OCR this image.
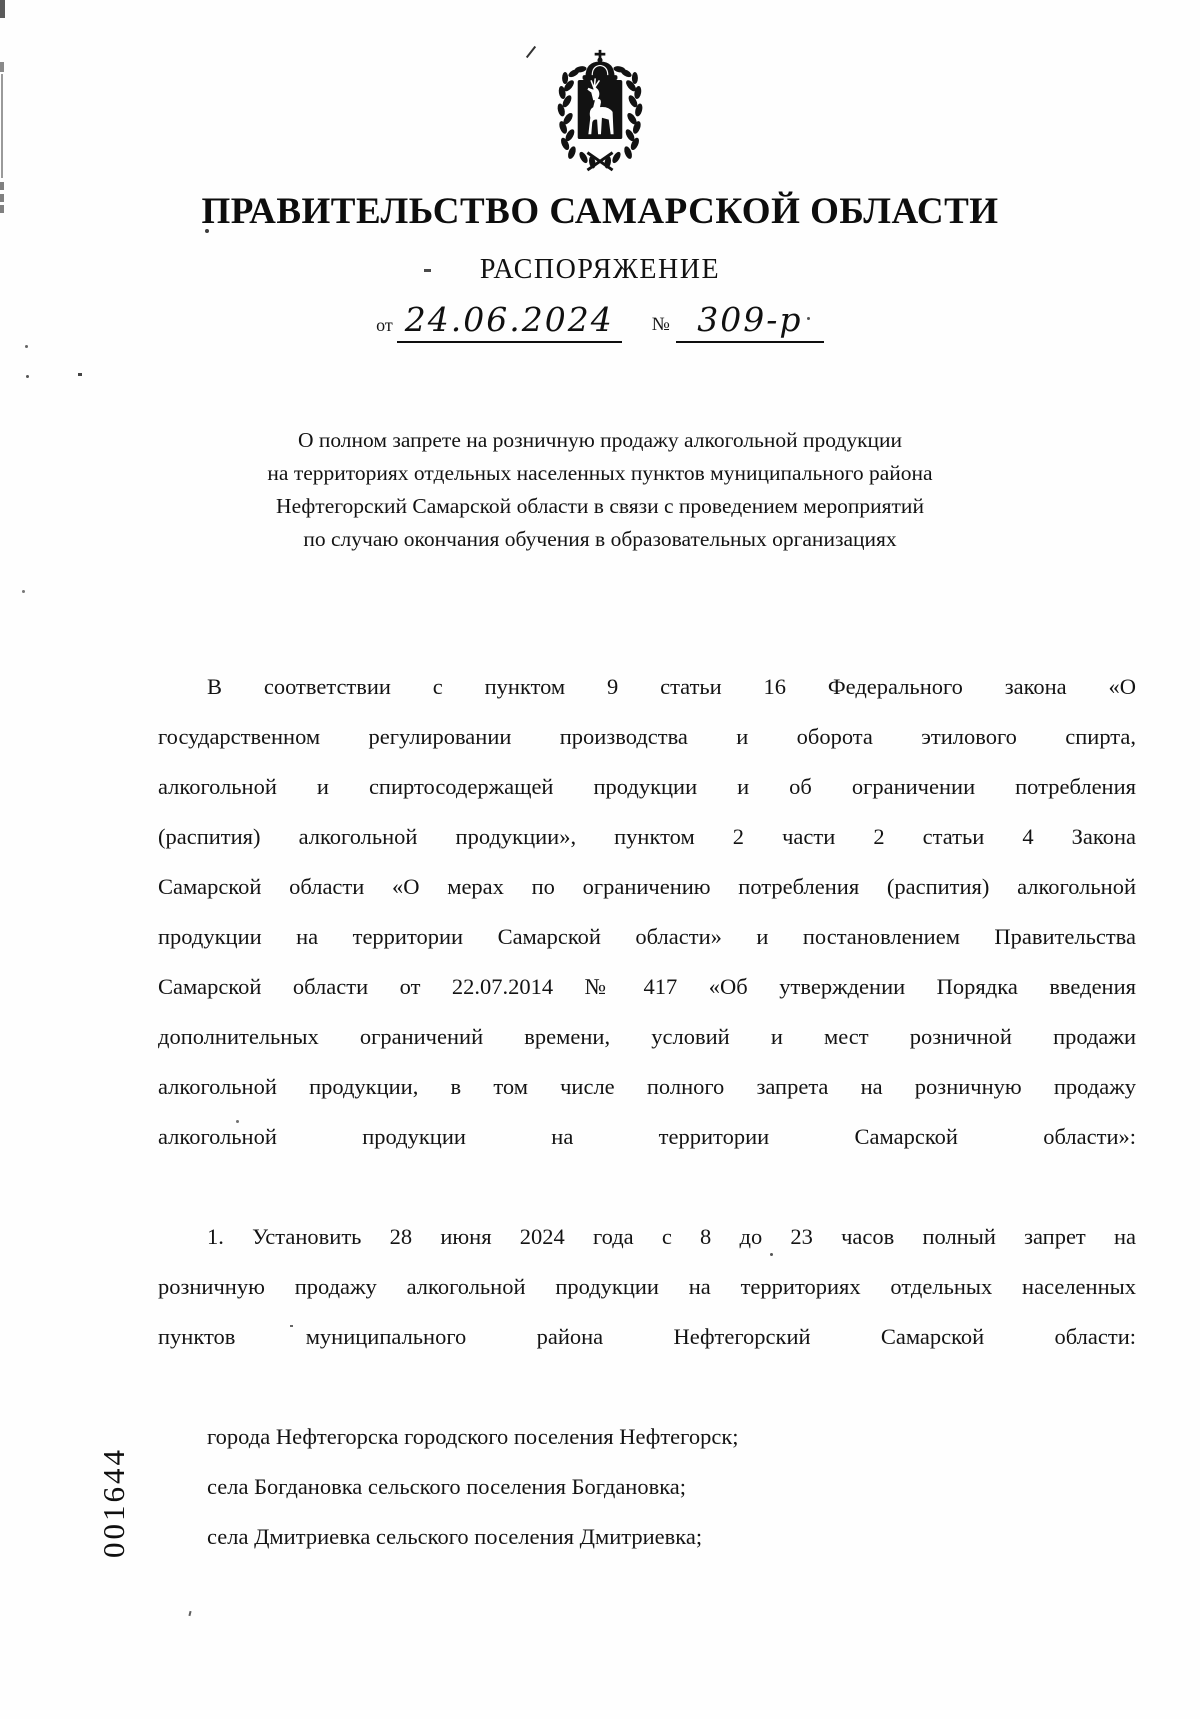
ПРАВИТЕЛЬСТВО САМАРСКОЙ ОБЛАСТИ
РАСПОРЯЖЕНИЕ
от 24.06.2024	№ 309-р
О полном запрете на розничную продажу алкогольной продукции
на территориях отдельных населенных пунктов муниципального района
Нефтегорский Самарской области в связи с проведением мероприятий
по случаю окончания обучения в образовательных организациях

В соответствии с пунктом 9 статьи 16 Федерального закона «О государственном регулировании производства и оборота этилового спирта, алкогольной и спиртосодержащей продукции и об ограничении потребления (распития) алкогольной продукции», пунктом 2 части 2 статьи 4 Закона Самарской области «О мерах по ограничению потребления (распития) алкогольной продукции на территории Самарской области» и постановлением Правительства Самарской области от 22.07.2014 № 417 «Об утверждении Порядка введения дополнительных ограничений времени, условий и мест розничной продажи алкогольной продукции, в том числе полного запрета на розничную продажу алкогольной продукции на территории Самарской области»:

1. Установить 28 июня 2024 года с 8 до 23 часов полный запрет на розничную продажу алкогольной продукции на территориях отдельных населенных пунктов муниципального района Нефтегорский Самарской области:

города Нефтегорска городского поселения Нефтегорск;

села Богдановка сельского поселения Богдановка;

села Дмитриевка сельского поселения Дмитриевка;

001644
